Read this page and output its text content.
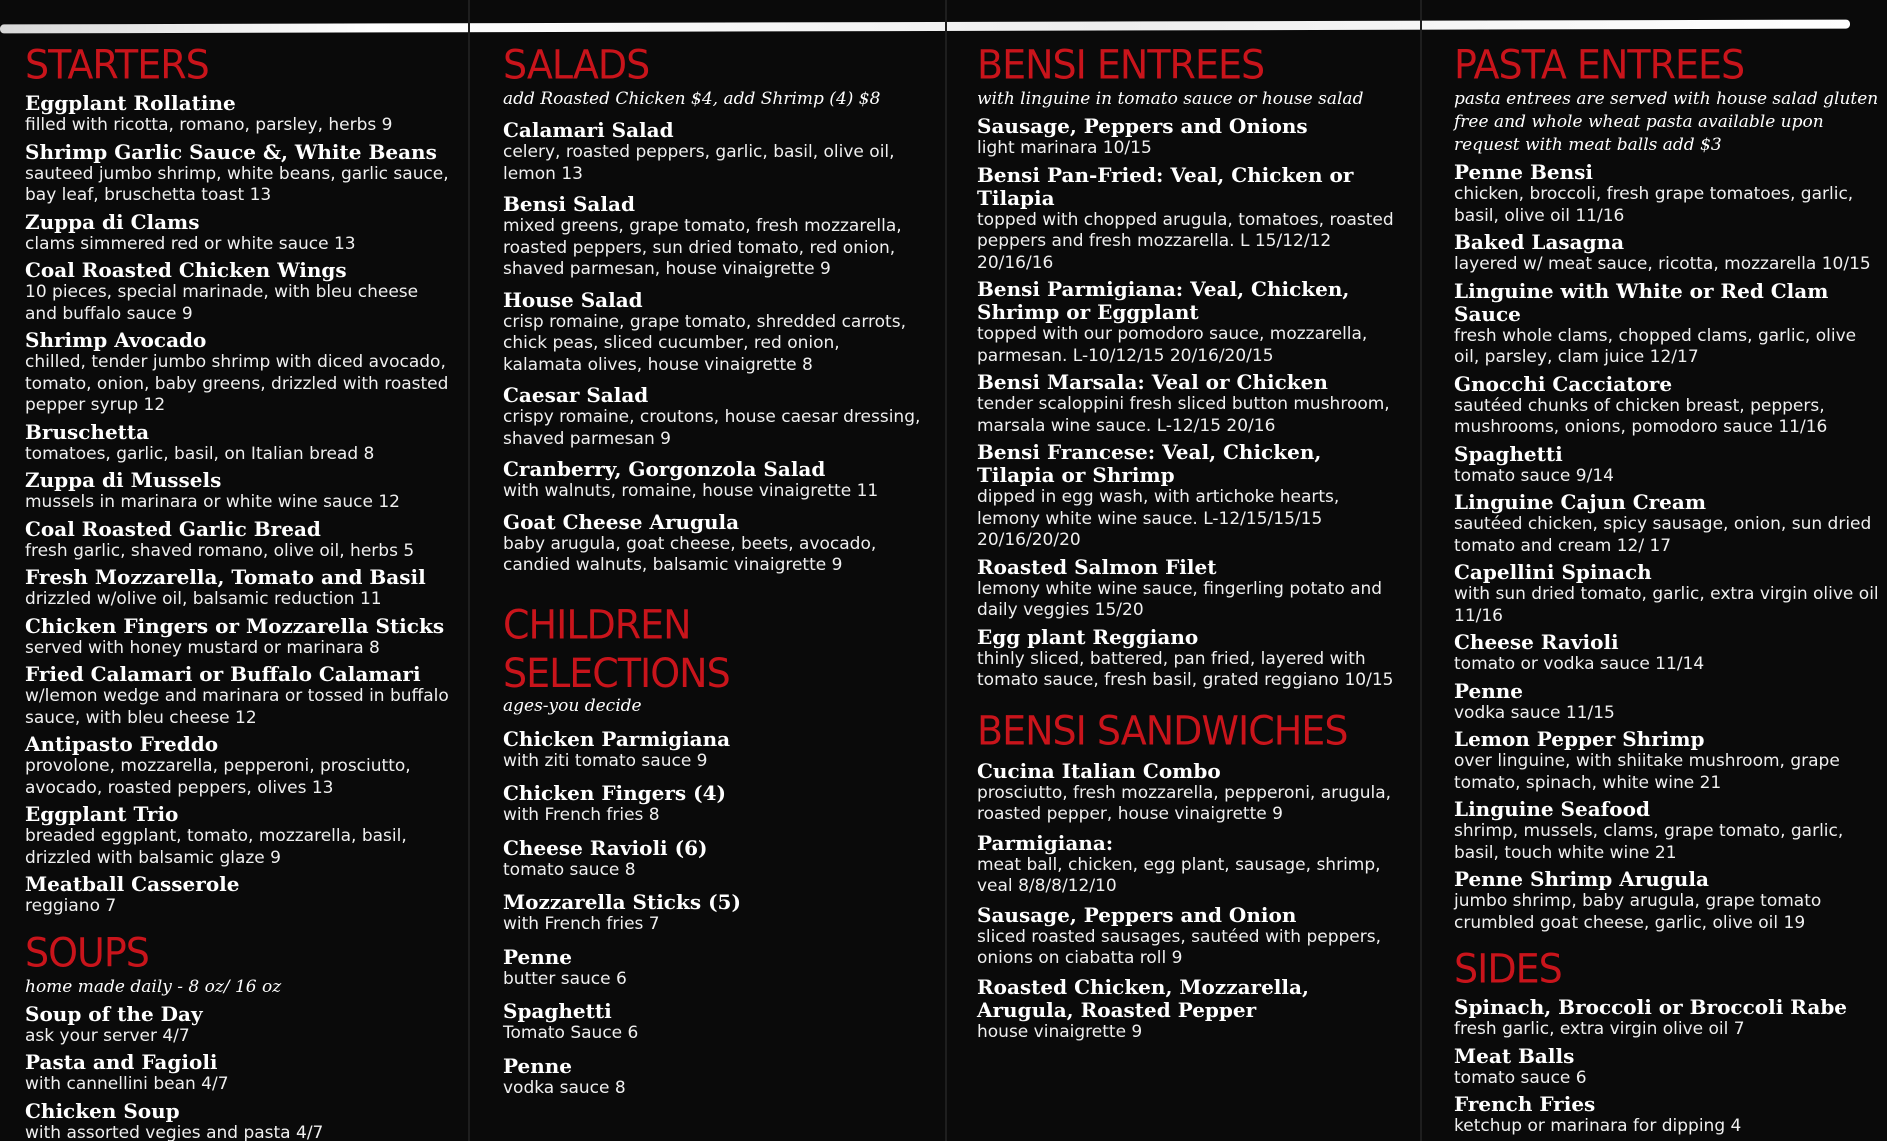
STARTERS
Eggplant Rollatine
filled with ricotta, romano, parsley, herbs 9
Shrimp Garlic Sauce &, White Beans
sauteed jumbo shrimp, white beans, garlic sauce, bay leaf, bruschetta toast 13
Zuppa di Clams
clams simmered red or white sauce 13
Coal Roasted Chicken Wings
10 pieces, special marinade, with bleu cheese and buffalo sauce 9
Shrimp Avocado
chilled, tender jumbo shrimp with diced avocado, tomato, onion, baby greens, drizzled with roasted pepper syrup 12
Bruschetta
tomatoes, garlic, basil, on Italian bread 8
Zuppa di Mussels
mussels in marinara or white wine sauce 12
Coal Roasted Garlic Bread
fresh garlic, shaved romano, olive oil, herbs 5
Fresh Mozzarella, Tomato and Basil
drizzled w/olive oil, balsamic reduction 11
Chicken Fingers or Mozzarella Sticks
served with honey mustard or marinara 8
Fried Calamari or Buffalo Calamari
w/lemon wedge and marinara or tossed in buffalo sauce, with bleu cheese 12
Antipasto Freddo
provolone, mozzarella, pepperoni, prosciutto, avocado, roasted peppers, olives 13
Eggplant Trio
breaded eggplant, tomato, mozzarella, basil, drizzled with balsamic glaze 9
Meatball Casserole
reggiano 7
SOUPS
home made daily - 8 oz/ 16 oz
Soup of the Day
ask your server 4/7
Pasta and Fagioli
with cannellini bean 4/7
Chicken Soup
with assorted vegies and pasta 4/7
SALADS
add Roasted Chicken $4, add Shrimp (4) $8
Calamari Salad
celery, roasted peppers, garlic, basil, olive oil, lemon 13
Bensi Salad
mixed greens, grape tomato, fresh mozzarella, roasted peppers, sun dried tomato, red onion, shaved parmesan, house vinaigrette 9
House Salad
crisp romaine, grape tomato, shredded carrots, chick peas, sliced cucumber, red onion, kalamata olives, house vinaigrette 8
Caesar Salad
crispy romaine, croutons, house caesar dressing, shaved parmesan 9
Cranberry, Gorgonzola Salad
with walnuts, romaine, house vinaigrette 11
Goat Cheese Arugula
baby arugula, goat cheese, beets, avocado, candied walnuts, balsamic vinaigrette 9
CHILDREN SELECTIONS
ages-you decide
Chicken Parmigiana
with ziti tomato sauce 9
Chicken Fingers (4)
with French fries 8
Cheese Ravioli (6)
tomato sauce 8
Mozzarella Sticks (5)
with French fries 7
Penne
butter sauce 6
Spaghetti
Tomato Sauce 6
Penne
vodka sauce 8
BENSI ENTREES
with linguine in tomato sauce or house salad
Sausage, Peppers and Onions
light marinara 10/15
Bensi Pan-Fried: Veal, Chicken or Tilapia
topped with chopped arugula, tomatoes, roasted peppers and fresh mozzarella. L 15/12/12 20/16/16
Bensi Parmigiana: Veal, Chicken, Shrimp or Eggplant
topped with our pomodoro sauce, mozzarella, parmesan. L-10/12/15 20/16/20/15
Bensi Marsala: Veal or Chicken
tender scaloppini fresh sliced button mushroom, marsala wine sauce. L-12/15 20/16
Bensi Francese: Veal, Chicken, Tilapia or Shrimp
dipped in egg wash, with artichoke hearts, lemony white wine sauce. L-12/15/15/15 20/16/20/20
Roasted Salmon Filet
lemony white wine sauce, fingerling potato and daily veggies 15/20
Egg plant Reggiano
thinly sliced, battered, pan fried, layered with tomato sauce, fresh basil, grated reggiano 10/15
BENSI SANDWICHES
Cucina Italian Combo
prosciutto, fresh mozzarella, pepperoni, arugula, roasted pepper, house vinaigrette 9
Parmigiana:
meat ball, chicken, egg plant, sausage, shrimp, veal 8/8/8/12/10
Sausage, Peppers and Onion
sliced roasted sausages, sautéed with peppers, onions on ciabatta roll 9
Roasted Chicken, Mozzarella, Arugula, Roasted Pepper
house vinaigrette 9
PASTA ENTREES
pasta entrees are served with house salad gluten free and whole wheat pasta available upon request with meat balls add $3
Penne Bensi
chicken, broccoli, fresh grape tomatoes, garlic, basil, olive oil 11/16
Baked Lasagna
layered w/ meat sauce, ricotta, mozzarella 10/15
Linguine with White or Red Clam Sauce
fresh whole clams, chopped clams, garlic, olive oil, parsley, clam juice 12/17
Gnocchi Cacciatore
sautéed chunks of chicken breast, peppers, mushrooms, onions, pomodoro sauce 11/16
Spaghetti
tomato sauce 9/14
Linguine Cajun Cream
sautéed chicken, spicy sausage, onion, sun dried tomato and cream 12/ 17
Capellini Spinach
with sun dried tomato, garlic, extra virgin olive oil 11/16
Cheese Ravioli
tomato or vodka sauce 11/14
Penne
vodka sauce 11/15
Lemon Pepper Shrimp
over linguine, with shiitake mushroom, grape tomato, spinach, white wine 21
Linguine Seafood
shrimp, mussels, clams, grape tomato, garlic, basil, touch white wine 21
Penne Shrimp Arugula
jumbo shrimp, baby arugula, grape tomato crumbled goat cheese, garlic, olive oil 19
SIDES
Spinach, Broccoli or Broccoli Rabe
fresh garlic, extra virgin olive oil 7
Meat Balls
tomato sauce 6
French Fries
ketchup or marinara for dipping 4
